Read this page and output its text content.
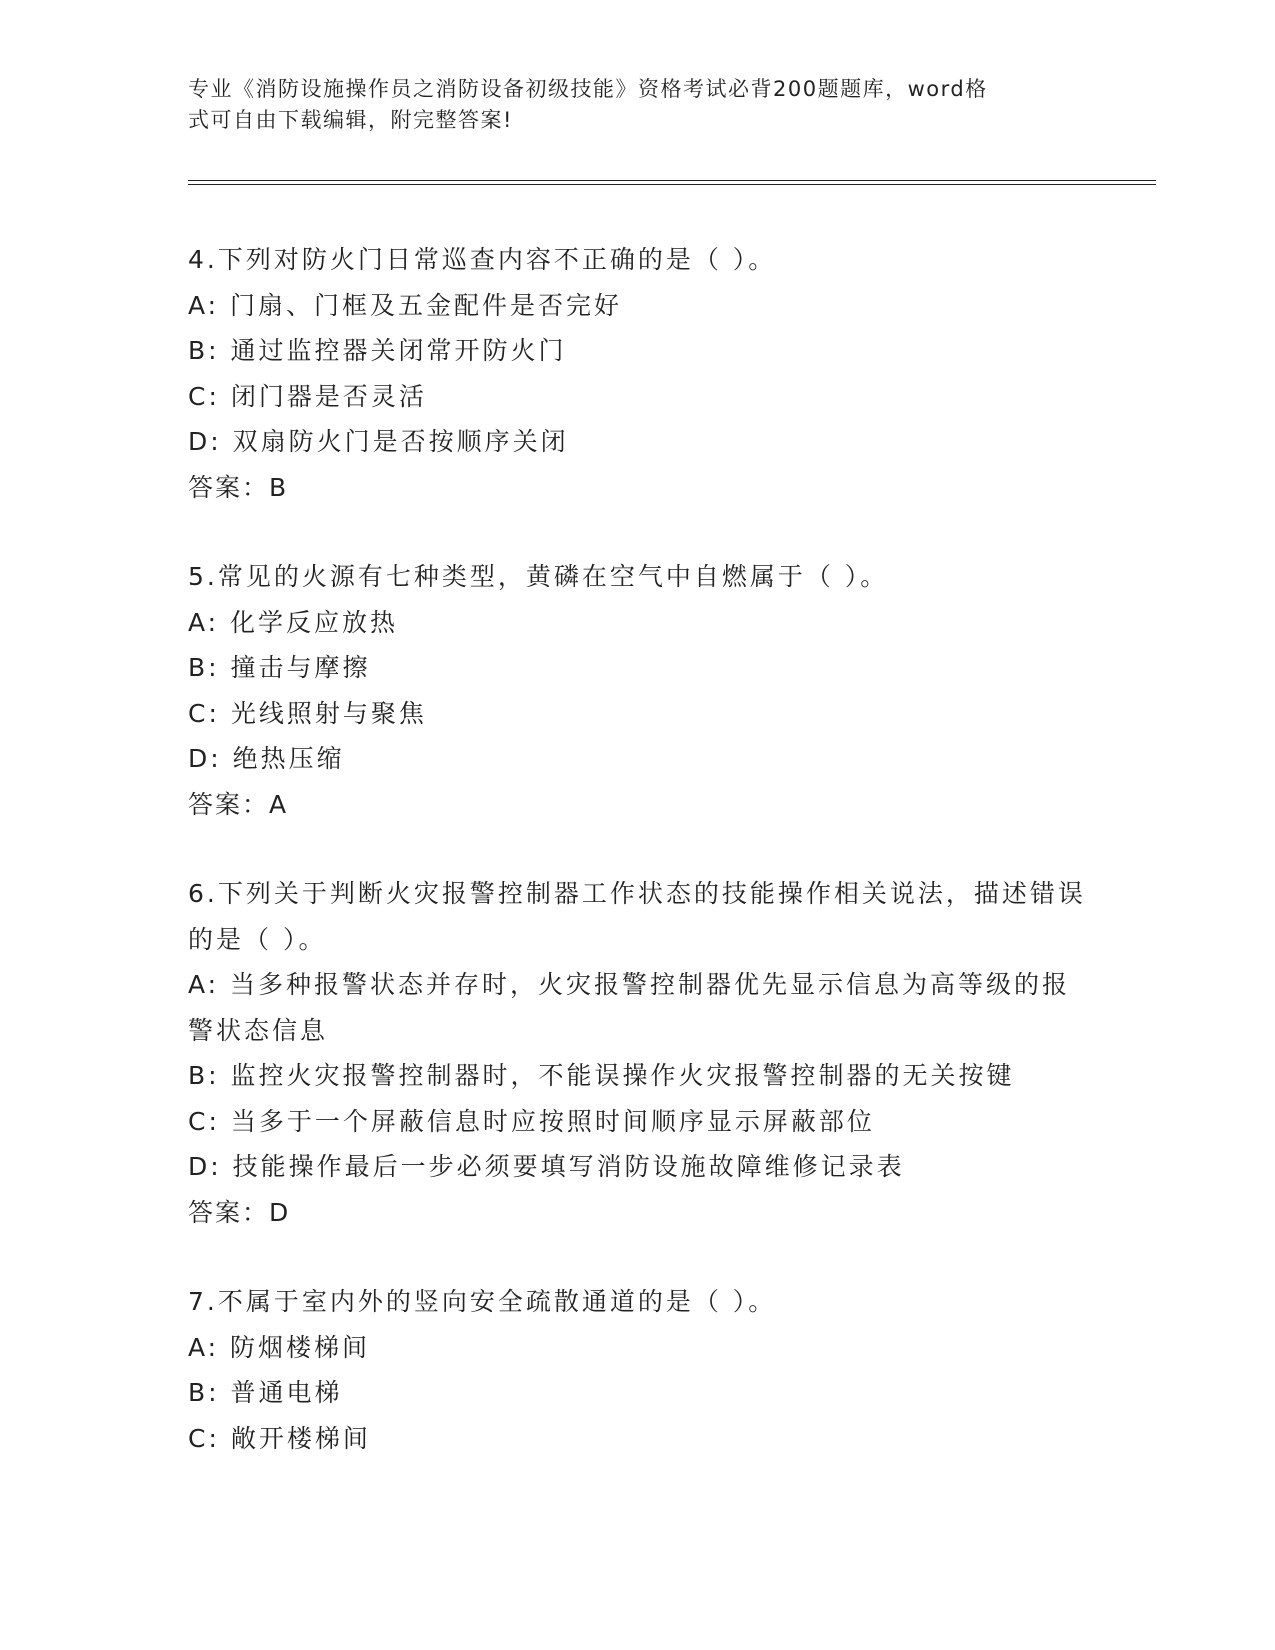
专业《消防设施操作员之消防设备初级技能》资格考试必背200题题库，word格
式可自由下载编辑，附完整答案!

4.下列对防火门日常巡查内容不正确的是（ ）。

A: 门扇、门框及五金配件是否完好

B: 通过监控器关闭常开防火门

C: 闭门器是否灵活

D: 双扇防火门是否按顺序关闭

答案：B

5.常见的火源有七种类型，黄磷在空气中自燃属于（ ）。

A: 化学反应放热

B: 撞击与摩擦

C: 光线照射与聚焦

D: 绝热压缩

答案：A

6.下列关于判断火灾报警控制器工作状态的技能操作相关说法，描述错误的是（ ）。

A: 当多种报警状态并存时，火灾报警控制器优先显示信息为高等级的报警状态信息

B: 监控火灾报警控制器时，不能误操作火灾报警控制器的无关按键

C: 当多于一个屏蔽信息时应按照时间顺序显示屏蔽部位

D: 技能操作最后一步必须要填写消防设施故障维修记录表

答案：D

7.不属于室内外的竖向安全疏散通道的是（ ）。

A: 防烟楼梯间

B: 普通电梯

C: 敞开楼梯间
